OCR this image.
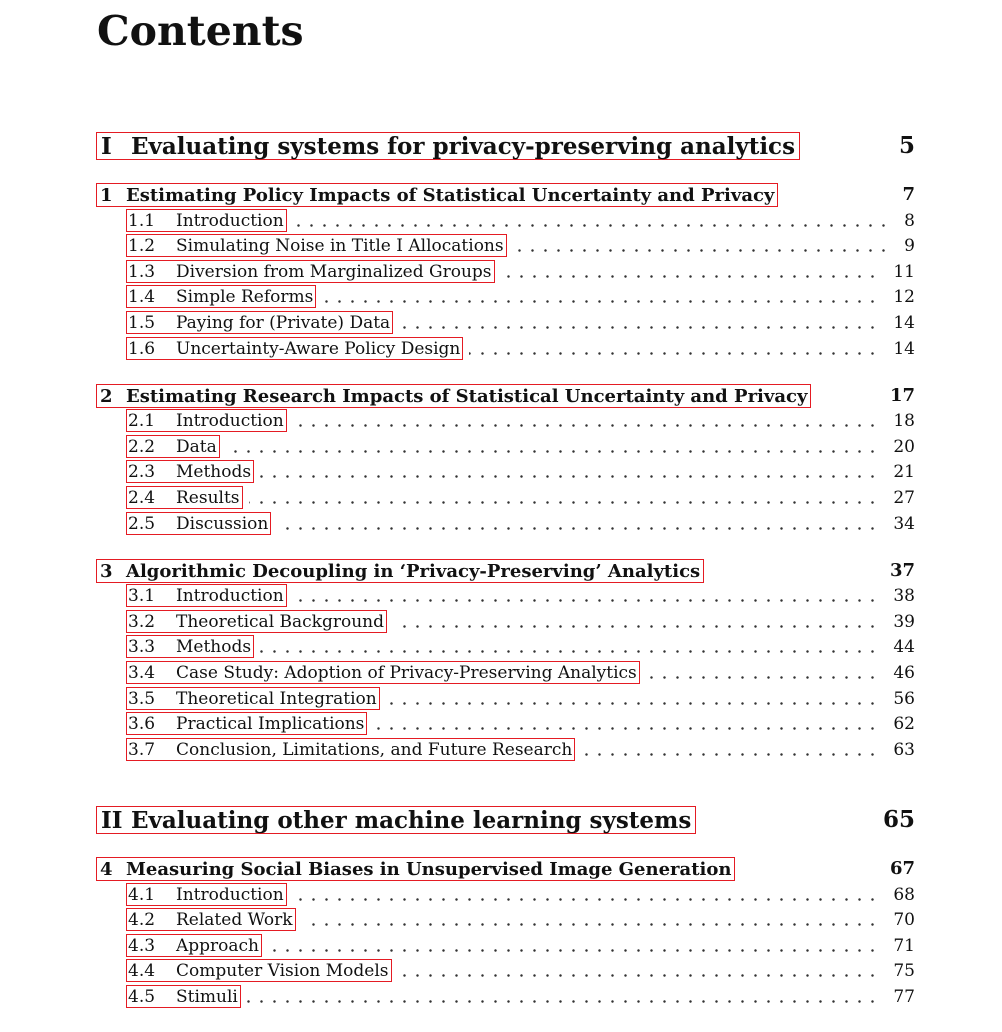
Contents
I Evaluating systems for privacy-preserving analytics	5
1 Estimating Policy Impacts of Statistical Uncertainty and Privacy	7
1.1	Introduction	8
1.2	Simulating Noise in Title I Allocations	9
1.3	Diversion from Marginalized Groups	11
1.4	Simple Reforms	12
1.5	Paying for (Private) Data	14
1.6	Uncertainty-Aware Policy Design	14
2 Estimating Research Impacts of Statistical Uncertainty and Privacy	17
2.1	Introduction	18
2.2	Data	20
2.3	Methods	21
2.4	Results	27
2.5	Discussion	34
3 Algorithmic Decoupling in ‘Privacy-Preserving’ Analytics	37
3.1	Introduction	38
3.2	Theoretical Background	39
3.3	Methods	44
3.4	Case Study: Adoption of Privacy-Preserving Analytics	46
3.5	Theoretical Integration	56
3.6	Practical Implications	62
3.7	Conclusion, Limitations, and Future Research	63
II Evaluating other machine learning systems	65
4 Measuring Social Biases in Unsupervised Image Generation	67
4.1	Introduction	68
4.2	Related Work	70
4.3	Approach	71
4.4	Computer Vision Models	75
4.5	Stimuli	77
